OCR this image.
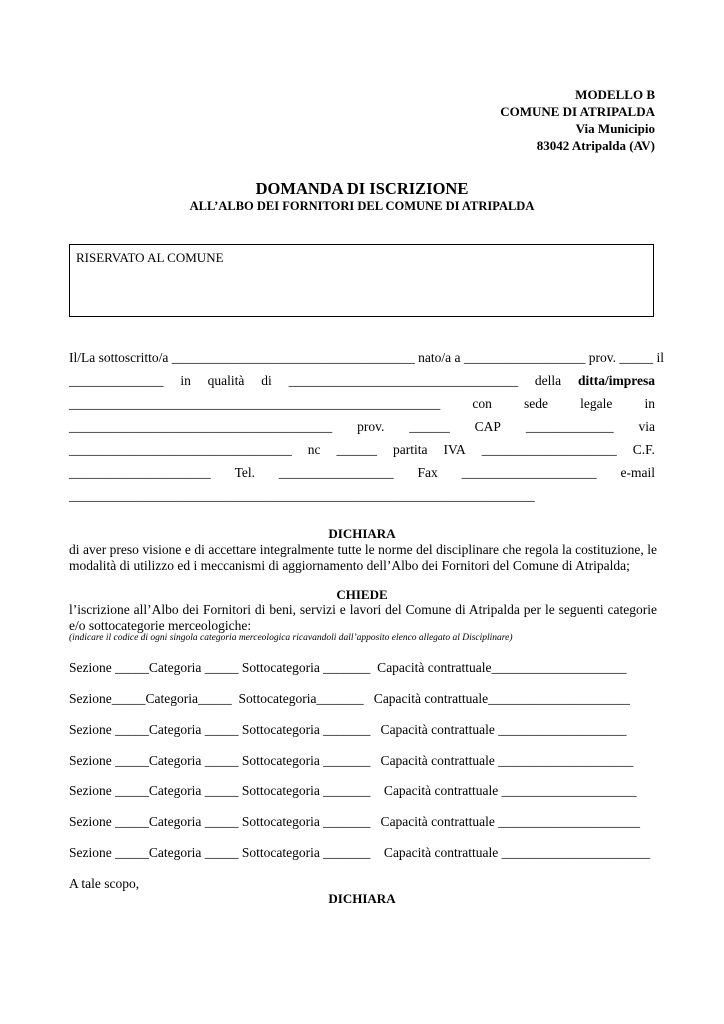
MODELLO B
COMUNE DI ATRIPALDA
Via Municipio
83042 Atripalda (AV)
DOMANDA DI ISCRIZIONE
ALL’ALBO DEI FORNITORI DEL COMUNE DI ATRIPALDA
RISERVATO AL COMUNE
Il/La sottoscritto/a ____________________________________ nato/a a __________________ prov. _____ il
______________ in qualità di __________________________________ della ditta/impresa
_______________________________________________________ con sede legale in
_______________________________________ prov. ______ CAP _____________ via
_________________________________ nc ______ partita IVA ____________________ C.F.
_____________________ Tel. _________________ Fax ____________________ e-mail
_____________________________________________________________________
DICHIARA
di aver preso visione e di accettare integralmente tutte le norme del disciplinare che regola la costituzione, le modalità di utilizzo ed i meccanismi di aggiornamento dell’Albo dei Fornitori del Comune di Atripalda;
CHIEDE
l’iscrizione all’Albo dei Fornitori di beni, servizi e lavori del Comune di Atripalda per le seguenti categorie e/o sottocategorie merceologiche:
(indicare il codice di ogni singola categoria merceologica ricavandoli dall’apposito elenco allegato al Disciplinare)
Sezione _____Categoria _____ Sottocategoria _______  Capacità contrattuale____________________
Sezione_____Categoria_____  Sottocategoria_______   Capacità contrattuale_____________________
Sezione _____Categoria _____ Sottocategoria _______   Capacità contrattuale ___________________
Sezione _____Categoria _____ Sottocategoria _______   Capacità contrattuale ____________________
Sezione _____Categoria _____ Sottocategoria _______    Capacità contrattuale ____________________
Sezione _____Categoria _____ Sottocategoria _______   Capacità contrattuale _____________________
Sezione _____Categoria _____ Sottocategoria _______    Capacità contrattuale ______________________
A tale scopo,
DICHIARA
